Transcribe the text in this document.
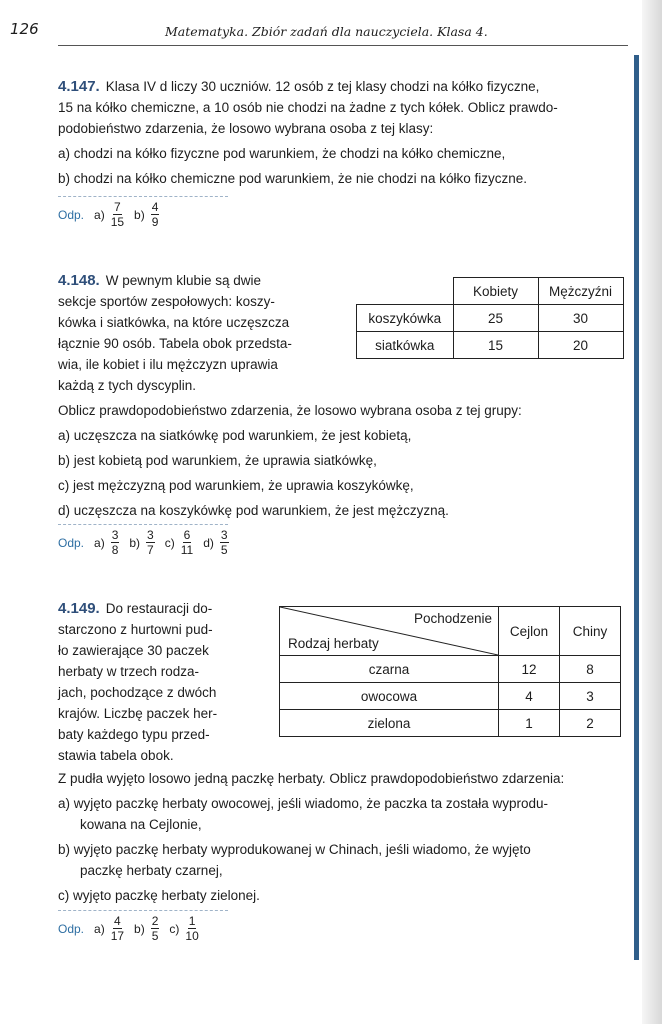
126	Matematyka. Zbiór zadań dla nauczyciela. Klasa 4.
4.147. Klasa IV d liczy 30 uczniów. 12 osób z tej klasy chodzi na kółko fizyczne,
15 na kółko chemiczne, a 10 osób nie chodzi na żadne z tych kółek. Oblicz prawdo-
podobieństwo zdarzenia, że losowo wybrana osoba z tej klasy:
a) chodzi na kółko fizyczne pod warunkiem, że chodzi na kółko chemiczne,
b) chodzi na kółko chemiczne pod warunkiem, że nie chodzi na kółko fizyczne.
Odp. $a) \frac{7}{15} b) \frac{4}{9}$
4.148. W pewnym klubie są dwie
sekcje sportów zespołowych: koszy-
kówka i siatkówka, na które uczęszcza
łącznie 90 osób. Tabela obok przedsta-
wia, ile kobiet i ilu mężczyzn uprawia
każdą z tych dyscyplin.
	Kobiety	Mężczyźni
koszykówka	25	30
siatkówka	15	20
Oblicz prawdopodobieństwo zdarzenia, że losowo wybrana osoba z tej grupy:
a) uczęszcza na siatkówkę pod warunkiem, że jest kobietą,
b) jest kobietą pod warunkiem, że uprawia siatkówkę,
c) jest mężczyzną pod warunkiem, że uprawia koszykówkę,
d) uczęszcza na koszykówkę pod warunkiem, że jest mężczyzną.
Odp. $a) \frac{3}{8} b) \frac{3}{7} c) \frac{6}{11} d) \frac{3}{5}$
4.149. Do restauracji do-
starczono z hurtowni pud-
ło zawierające 30 paczek
herbaty w trzech rodza-
jach, pochodzące z dwóch
krajów. Liczbę paczek her-
baty każdego typu przed-
stawia tabela obok.
Pochodzenie
Rodzaj herbaty	Cejlon	Chiny
czarna	12	8
owocowa	4	3
zielona	1	2
Z pudła wyjęto losowo jedną paczkę herbaty. Oblicz prawdopodobieństwo zdarzenia:
a) wyjęto paczkę herbaty owocowej, jeśli wiadomo, że paczka ta została wyprodu-
kowana na Cejlonie,
b) wyjęto paczkę herbaty wyprodukowanej w Chinach, jeśli wiadomo, że wyjęto
paczkę herbaty czarnej,
c) wyjęto paczkę herbaty zielonej.
Odp. $a) \frac{4}{17} b) \frac{2}{5} c) \frac{1}{10}$
